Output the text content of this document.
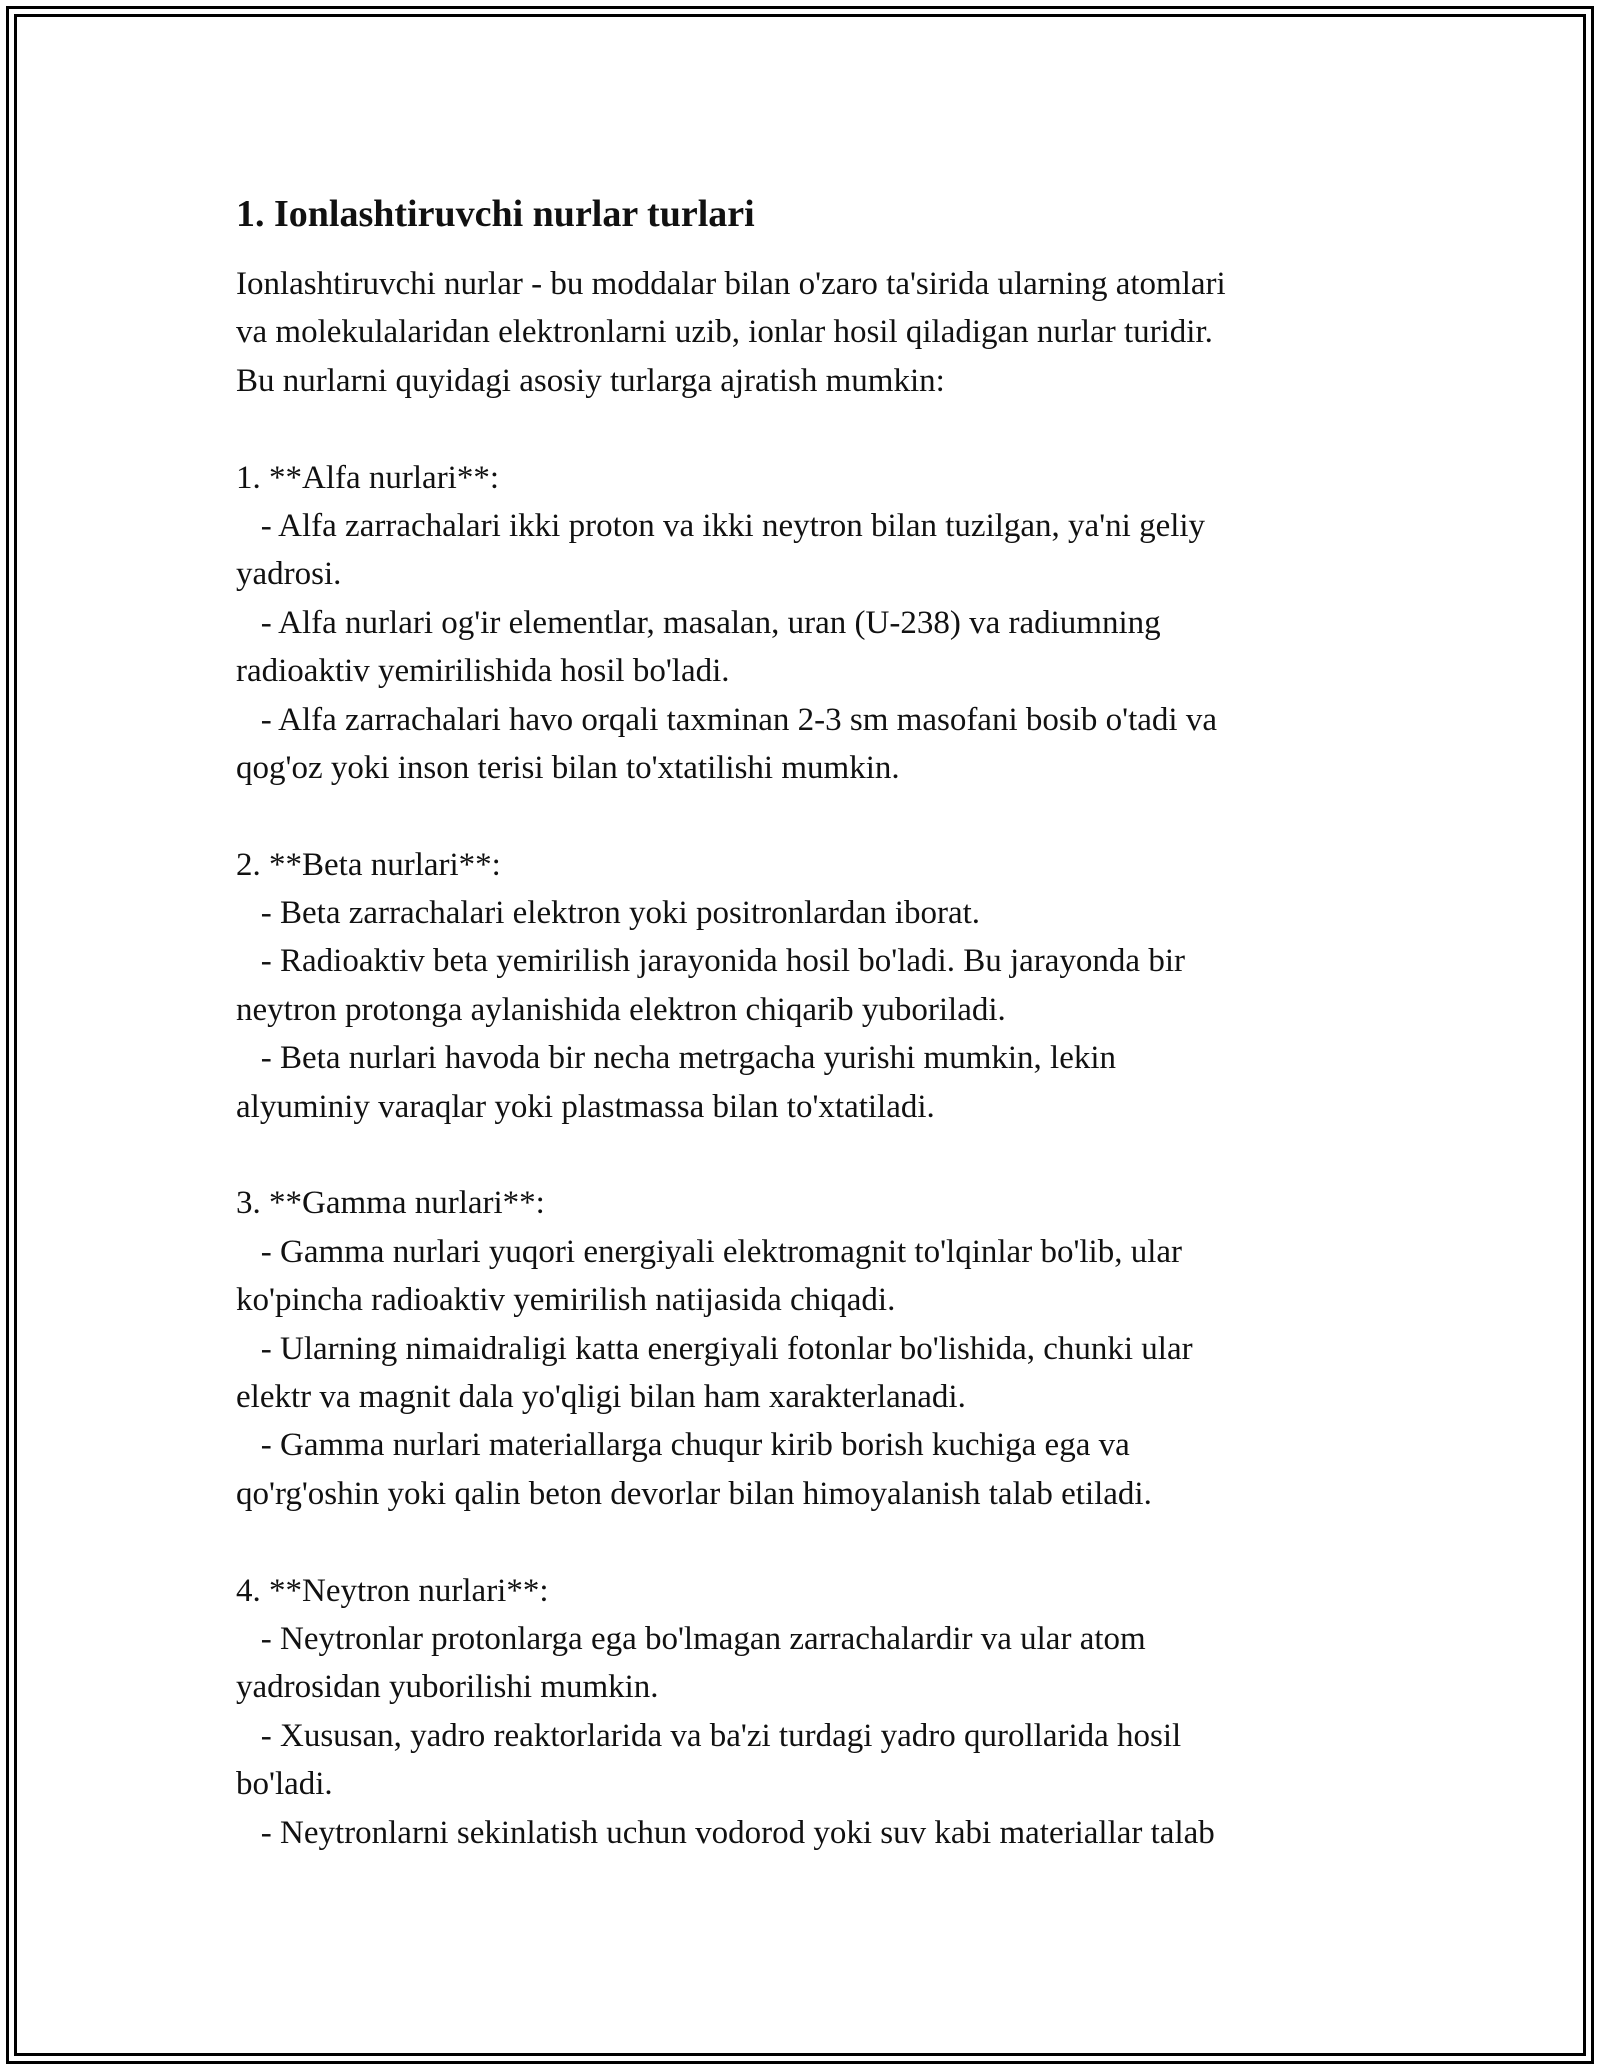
1. Ionlashtiruvchi nurlar turlari
Ionlashtiruvchi nurlar - bu moddalar bilan o'zaro ta'sirida ularning atomlari
va molekulalaridan elektronlarni uzib, ionlar hosil qiladigan nurlar turidir.
Bu nurlarni quyidagi asosiy turlarga ajratish mumkin:
1. **Alfa nurlari**:
- Alfa zarrachalari ikki proton va ikki neytron bilan tuzilgan, ya'ni geliy
yadrosi.
- Alfa nurlari og'ir elementlar, masalan, uran (U-238) va radiumning
radioaktiv yemirilishida hosil bo'ladi.
- Alfa zarrachalari havo orqali taxminan 2-3 sm masofani bosib o'tadi va
qog'oz yoki inson terisi bilan to'xtatilishi mumkin.
2. **Beta nurlari**:
- Beta zarrachalari elektron yoki positronlardan iborat.
- Radioaktiv beta yemirilish jarayonida hosil bo'ladi. Bu jarayonda bir
neytron protonga aylanishida elektron chiqarib yuboriladi.
- Beta nurlari havoda bir necha metrgacha yurishi mumkin, lekin
alyuminiy varaqlar yoki plastmassa bilan to'xtatiladi.
3. **Gamma nurlari**:
- Gamma nurlari yuqori energiyali elektromagnit to'lqinlar bo'lib, ular
ko'pincha radioaktiv yemirilish natijasida chiqadi.
- Ularning nimaidraligi katta energiyali fotonlar bo'lishida, chunki ular
elektr va magnit dala yo'qligi bilan ham xarakterlanadi.
- Gamma nurlari materiallarga chuqur kirib borish kuchiga ega va
qo'rg'oshin yoki qalin beton devorlar bilan himoyalanish talab etiladi.
4. **Neytron nurlari**:
- Neytronlar protonlarga ega bo'lmagan zarrachalardir va ular atom
yadrosidan yuborilishi mumkin.
- Xususan, yadro reaktorlarida va ba'zi turdagi yadro qurollarida hosil
bo'ladi.
- Neytronlarni sekinlatish uchun vodorod yoki suv kabi materiallar talab
